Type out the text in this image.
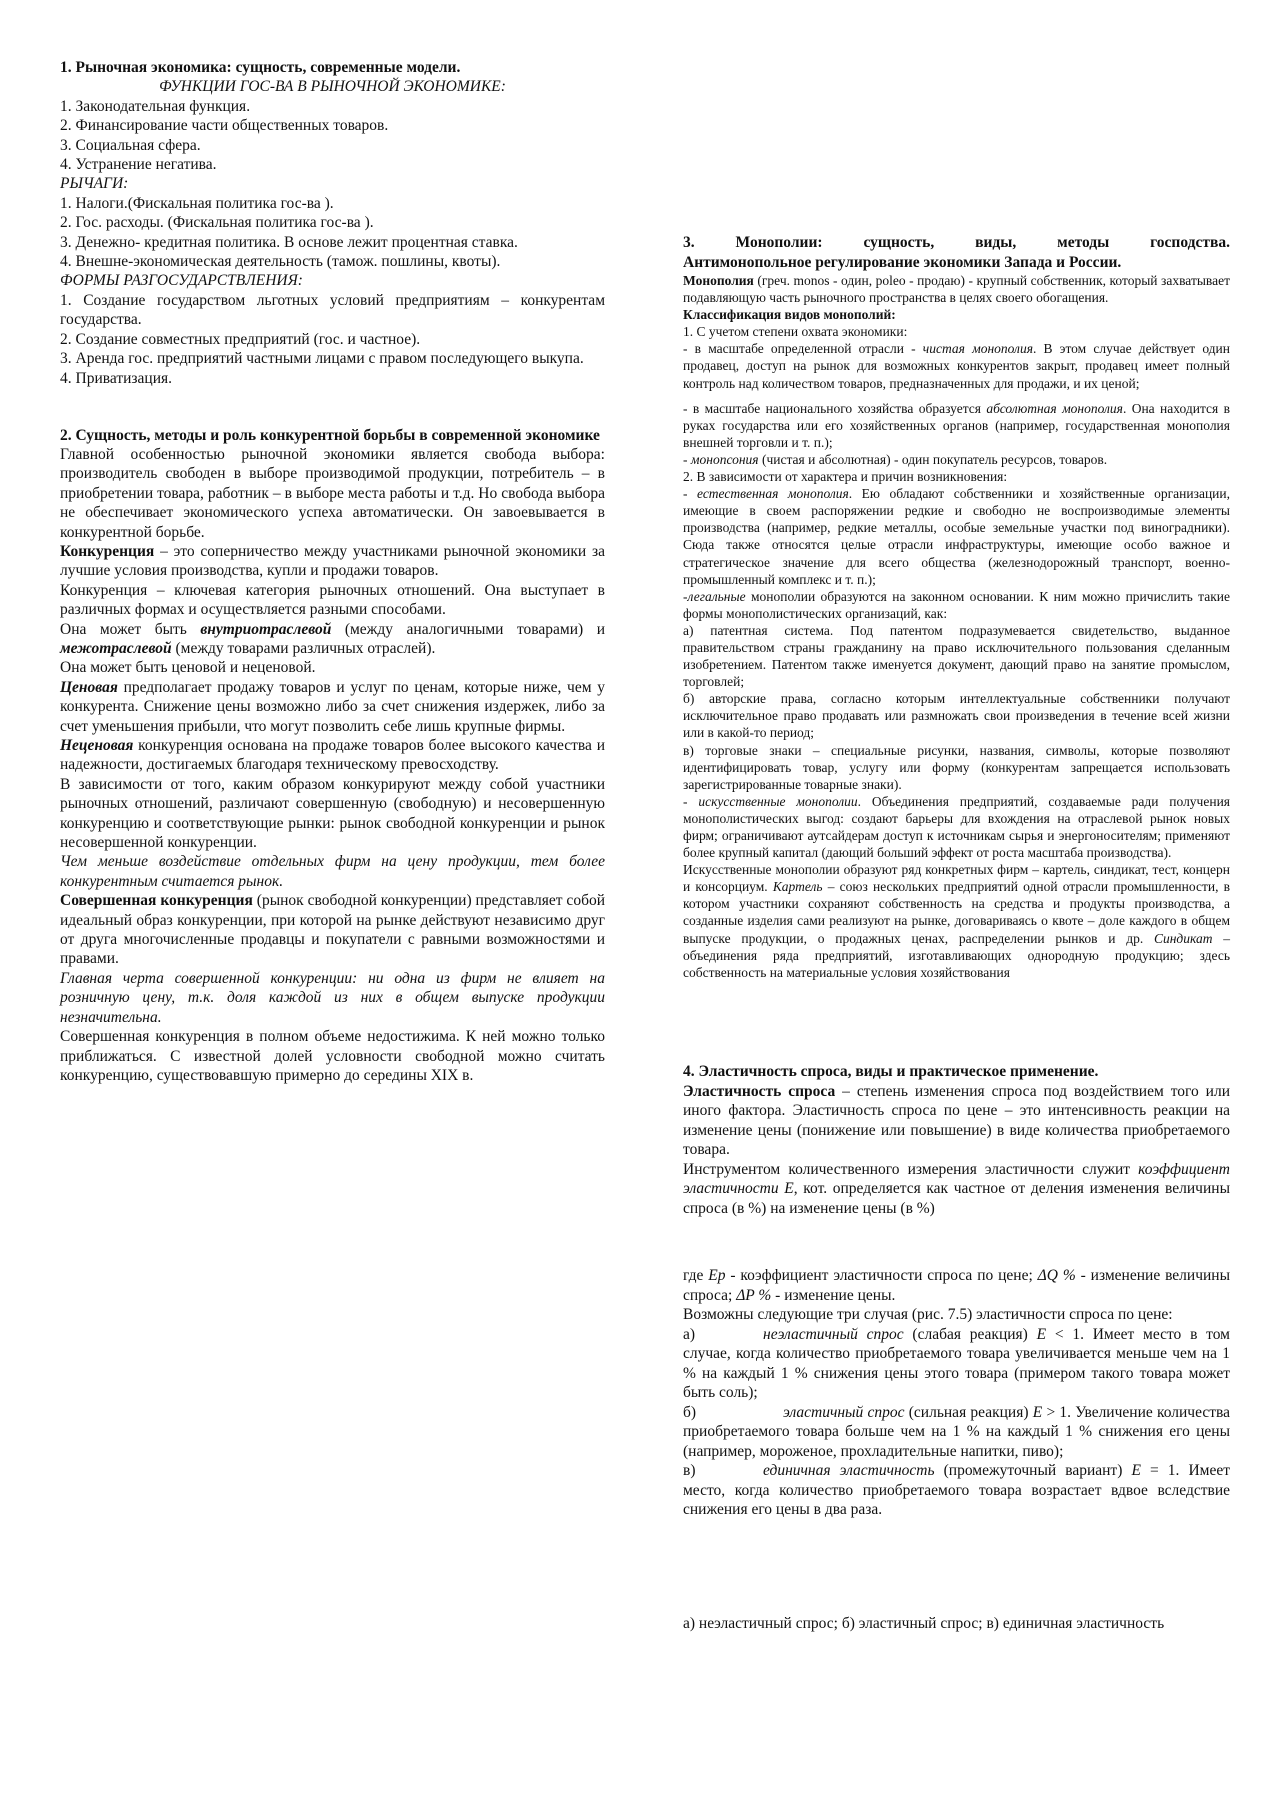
1. Рыночная экономика: сущность, современные модели.

ФУНКЦИИ ГОС-ВА В РЫНОЧНОЙ ЭКОНОМИКЕ:

1. Законодательная функция.

2. Финансирование части общественных товаров.

3. Социальная сфера.

4. Устранение негатива.

РЫЧАГИ:

1. Налоги.(Фискальная политика гос-ва ).

2. Гос. расходы. (Фискальная политика гос-ва ).

3. Денежно- кредитная политика. В основе лежит процентная ставка.

4. Внешне-экономическая деятельность (тамож. пошлины, квоты).

ФОРМЫ РАЗГОСУДАРСТВЛЕНИЯ:

1. Создание государством льготных условий предприятиям – конкурентам государства.

2. Создание совместных предприятий (гос. и частное).

3. Аренда гос. предприятий частными лицами с правом последующего выкупа.

4. Приватизация.

2. Сущность, методы и роль конкурентной борьбы в современной экономике

Главной особенностью рыночной экономики является свобода выбора: производитель свободен в выборе производимой продукции, потребитель – в приобретении товара, работник – в выборе места работы и т.д. Но свобода выбора не обеспечивает экономического успеха автоматически. Он завоевывается в конкурентной борьбе.

Конкуренция – это соперничество между участниками рыночной экономики за лучшие условия производства, купли и продажи товаров.

Конкуренция – ключевая категория рыночных отношений. Она выступает в различных формах и осуществляется разными способами.

Она может быть внутриотраслевой (между аналогичными товарами) и межотраслевой (между товарами различных отраслей).

Она может быть ценовой и неценовой.

Ценовая предполагает продажу товаров и услуг по ценам, которые ниже, чем у конкурента. Снижение цены возможно либо за счет снижения издержек, либо за счет уменьшения прибыли, что могут позволить себе лишь крупные фирмы.

Неценовая конкуренция основана на продаже товаров более высокого качества и надежности, достигаемых благодаря техническому превосходству.

В зависимости от того, каким образом конкурируют между собой участники рыночных отношений, различают совершенную (свободную) и несовершенную конкуренцию и соответствующие рынки: рынок свободной конкуренции и рынок несовершенной конкуренции.

Чем меньше воздействие отдельных фирм на цену продукции, тем более конкурентным считается рынок.

Совершенная конкуренция (рынок свободной конкуренции) представляет собой идеальный образ конкуренции, при которой на рынке действуют независимо друг от друга многочисленные продавцы и покупатели с равными возможностями и правами.

Главная черта совершенной конкуренции: ни одна из фирм не влияет на розничную цену, т.к. доля каждой из них в общем выпуске продукции незначительна.

Совершенная конкуренция в полном объеме недостижима. К ней можно только приближаться. С известной долей условности свободной можно считать конкуренцию, существовавшую примерно до середины XIX в.

3. Монополии: сущность, виды, методы господства.

Антимонопольное регулирование экономики Запада и России.

Монополия (греч. monos - один, poleo - продаю) - крупный собственник, который захватывает подавляющую часть рыночного пространства в целях своего обогащения.

Классификация видов монополий:

1. С учетом степени охвата экономики:

- в масштабе определенной отрасли - чистая монополия. В этом случае действует один продавец, доступ на рынок для возможных конкурентов закрыт, продавец имеет полный контроль над количеством товаров, предназначенных для продажи, и их ценой;

- в масштабе национального хозяйства образуется абсолютная монополия. Она находится в руках государства или его хозяйственных органов (например, государственная монополия внешней торговли и т. п.);

- монопсония (чистая и абсолютная) - один покупатель ресурсов, товаров.

2. В зависимости от характера и причин возникновения:

- естественная монополия. Ею обладают собственники и хозяйственные организации, имеющие в своем распоряжении редкие и свободно не воспроизводимые элементы производства (например, редкие металлы, особые земельные участки под виноградники). Сюда также относятся целые отрасли инфраструктуры, имеющие особо важное и стратегическое значение для всего общества (железнодорожный транспорт, военно-промышленный комплекс и т. п.);

-легальные монополии образуются на законном основании. К ним можно причислить такие формы монополистических организаций, как:

а) патентная система. Под патентом подразумевается свидетельство, выданное правительством страны гражданину на право исключительного пользования сделанным изобретением. Патентом также именуется документ, дающий право на занятие промыслом, торговлей;

б) авторские права, согласно которым интеллектуальные собственники получают исключительное право продавать или размножать свои произведения в течение всей жизни или в какой-то период;

в) торговые знаки – специальные рисунки, названия, символы, которые позволяют идентифицировать товар, услугу или форму (конкурентам запрещается использовать зарегистрированные товарные знаки).

- искусственные монополии. Объединения предприятий, создаваемые ради получения монополистических выгод: создают барьеры для вхождения на отраслевой рынок новых фирм; ограничивают аутсайдерам доступ к источникам сырья и энергоносителям; применяют более крупный капитал (дающий больший эффект от роста масштаба производства).

Искусственные монополии образуют ряд конкретных фирм – картель, синдикат, тест, концерн и консорциум. Картель – союз нескольких предприятий одной отрасли промышленности, в котором участники сохраняют собственность на средства и продукты производства, а созданные изделия сами реализуют на рынке, договариваясь о квоте – доле каждого в общем выпуске продукции, о продажных ценах, распределении рынков и др. Синдикат – объединения ряда предприятий, изготавливающих однородную продукцию; здесь собственность на материальные условия хозяйствования

4. Эластичность спроса, виды и практическое применение.

Эластичность спроса – степень изменения спроса под воздействием того или иного фактора. Эластичность спроса по цене – это интенсивность реакции на изменение цены (понижение или повышение) в виде количества приобретаемого товара.

Инструментом количественного измерения эластичности служит коэффициент эластичности E, кот. определяется как частное от деления изменения величины спроса (в %) на изменение цены (в %)

где Ер - коэффициент эластичности спроса по цене; ΔQ % - изменение величины спроса; ΔP % - изменение цены.

Возможны следующие три случая (рис. 7.5) эластичности спроса по цене:

а)	неэластичный спрос (слабая реакция) E < 1. Имеет место в том случае, когда количество приобретаемого товара увеличивается меньше чем на 1 % на каждый 1 % снижения цены этого товара (примером такого товара может быть соль);

б)	эластичный спрос (сильная реакция) E > 1. Увеличение количества приобретаемого товара больше чем на 1 % на каждый 1 % снижения его цены (например, мороженое, прохладительные напитки, пиво);

в)	единичная эластичность (промежуточный вариант) E = 1. Имеет место, когда количество приобретаемого товара возрастает вдвое вследствие снижения его цены в два раза.

а) неэластичный спрос; б) эластичный спрос; в) единичная эластичность
